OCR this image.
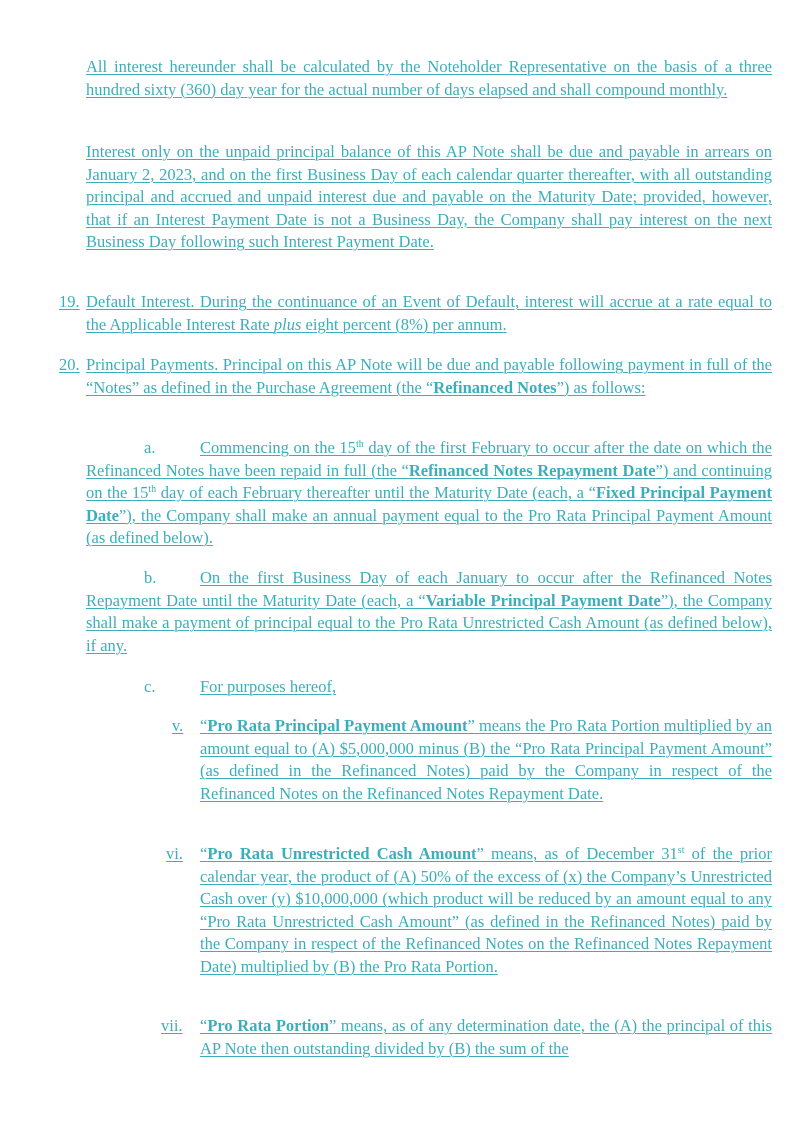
All interest hereunder shall be calculated by the Noteholder Representative on the basis of a three hundred sixty (360) day year for the actual number of days elapsed and shall compound monthly.
Interest only on the unpaid principal balance of this AP Note shall be due and payable in arrears on January 2, 2023, and on the first Business Day of each calendar quarter thereafter, with all outstanding principal and accrued and unpaid interest due and payable on the Maturity Date; provided, however, that if an Interest Payment Date is not a Business Day, the Company shall pay interest on the next Business Day following such Interest Payment Date.
19. Default Interest. During the continuance of an Event of Default, interest will accrue at a rate equal to the Applicable Interest Rate plus eight percent (8%) per annum.
20. Principal Payments. Principal on this AP Note will be due and payable following payment in full of the “Notes” as defined in the Purchase Agreement (the “Refinanced Notes”) as follows:
a.	Commencing on the 15th day of the first February to occur after the date on which the Refinanced Notes have been repaid in full (the “Refinanced Notes Repayment Date”) and continuing on the 15th day of each February thereafter until the Maturity Date (each, a “Fixed Principal Payment Date”), the Company shall make an annual payment equal to the Pro Rata Principal Payment Amount (as defined below).
b.	On the first Business Day of each January to occur after the Refinanced Notes Repayment Date until the Maturity Date (each, a “Variable Principal Payment Date”), the Company shall make a payment of principal equal to the Pro Rata Unrestricted Cash Amount (as defined below), if any.
c.	For purposes hereof,
v. “Pro Rata Principal Payment Amount” means the Pro Rata Portion multiplied by an amount equal to (A) $5,000,000 minus (B) the “Pro Rata Principal Payment Amount” (as defined in the Refinanced Notes) paid by the Company in respect of the Refinanced Notes on the Refinanced Notes Repayment Date.
vi. “Pro Rata Unrestricted Cash Amount” means, as of December 31st of the prior calendar year, the product of (A) 50% of the excess of (x) the Company’s Unrestricted Cash over (y) $10,000,000 (which product will be reduced by an amount equal to any “Pro Rata Unrestricted Cash Amount” (as defined in the Refinanced Notes) paid by the Company in respect of the Refinanced Notes on the Refinanced Notes Repayment Date) multiplied by (B) the Pro Rata Portion.
vii. “Pro Rata Portion” means, as of any determination date, the (A) the principal of this AP Note then outstanding divided by (B) the sum of the
